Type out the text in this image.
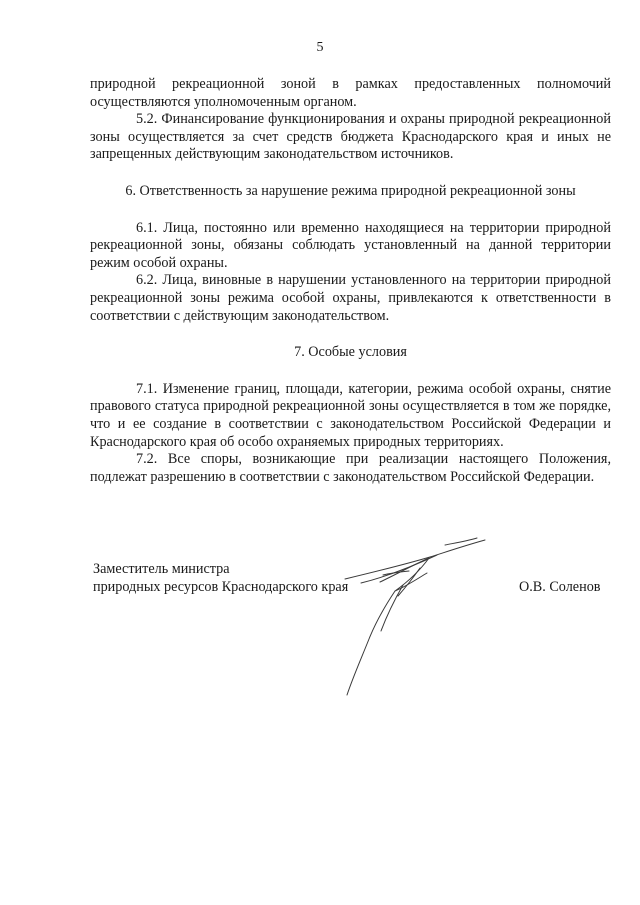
5

природной рекреационной зоной в рамках предоставленных полномочий осуществляются уполномоченным органом.

5.2. Финансирование функционирования и охраны природной рекреационной зоны осуществляется за счет средств бюджета Краснодарского края и иных не запрещенных действующим законодательством источников.

6. Ответственность за нарушение режима природной рекреационной зоны

6.1. Лица, постоянно или временно находящиеся на территории природной рекреационной зоны, обязаны соблюдать установленный на данной территории режим особой охраны.

6.2. Лица, виновные в нарушении установленного на территории природной рекреационной зоны режима особой охраны, привлекаются к ответственности в соответствии с действующим законодательством.

7. Особые условия

7.1. Изменение границ, площади, категории, режима особой охраны, снятие правового статуса природной рекреационной зоны осуществляется в том же порядке, что и ее создание в соответствии с законодательством Российской Федерации и Краснодарского края об особо охраняемых природных территориях.

7.2. Все споры, возникающие при реализации настоящего Положения, подлежат разрешению в соответствии с законодательством Российской Федерации.

Заместитель министра
природных ресурсов Краснодарского края	О.В. Соленов
